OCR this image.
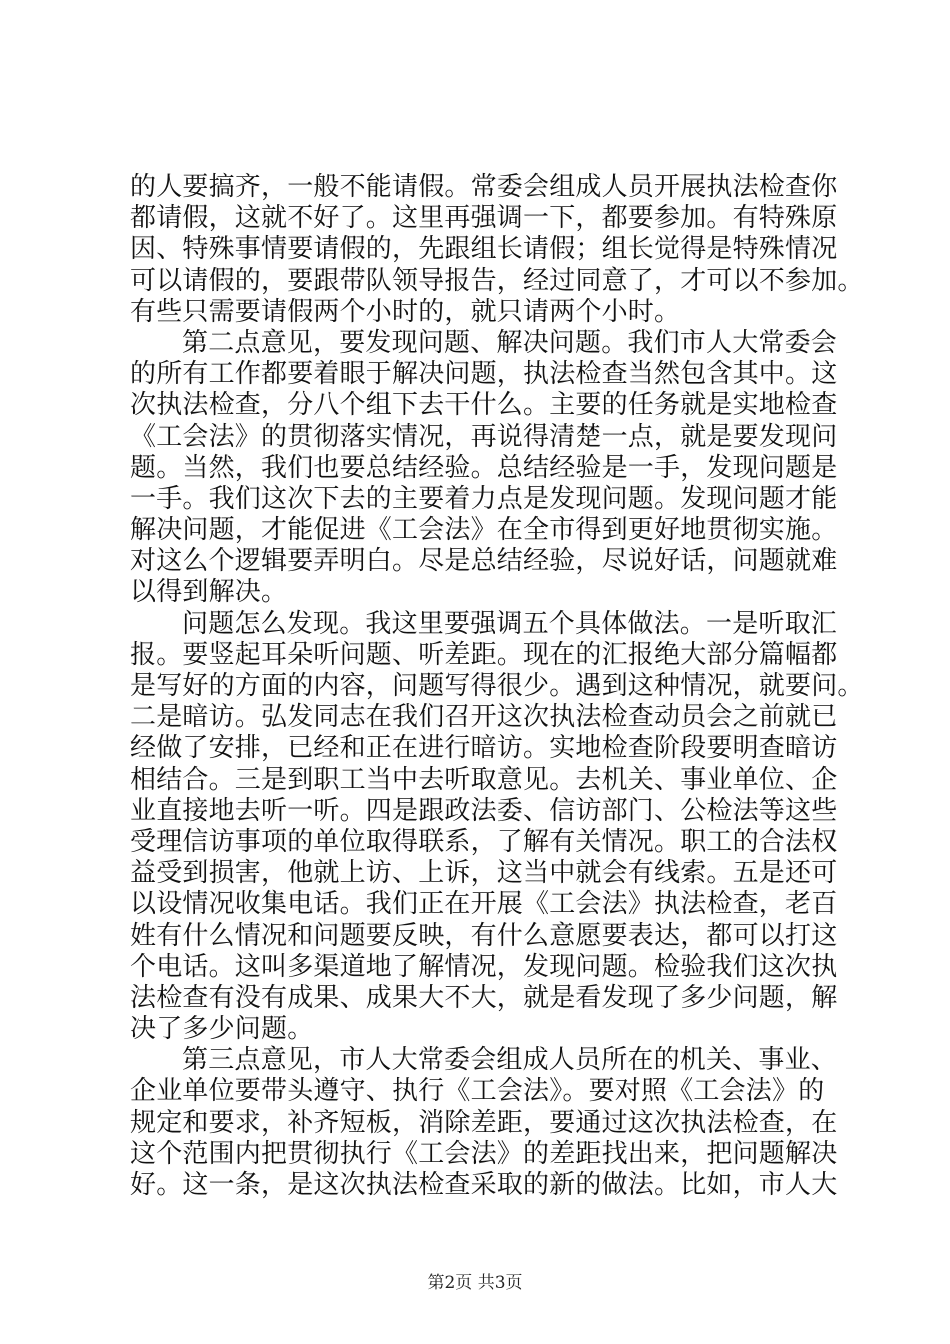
的人要搞齐，一般不能请假。常委会组成人员开展执法检查你
都请假，这就不好了。这里再强调一下，都要参加。有特殊原
因、特殊事情要请假的，先跟组长请假；组长觉得是特殊情况
可以请假的，要跟带队领导报告，经过同意了，才可以不参加。
有些只需要请假两个小时的，就只请两个小时。
第二点意见，要发现问题、解决问题。我们市人大常委会
的所有工作都要着眼于解决问题，执法检查当然包含其中。这
次执法检查，分八个组下去干什么。主要的任务就是实地检查
《工会法》的贯彻落实情况，再说得清楚一点，就是要发现问
题。当然，我们也要总结经验。总结经验是一手，发现问题是
一手。我们这次下去的主要着力点是发现问题。发现问题才能
解决问题，才能促进《工会法》在全市得到更好地贯彻实施。
对这么个逻辑要弄明白。尽是总结经验，尽说好话，问题就难
以得到解决。
问题怎么发现。我这里要强调五个具体做法。一是听取汇
报。要竖起耳朵听问题、听差距。现在的汇报绝大部分篇幅都
是写好的方面的内容，问题写得很少。遇到这种情况，就要问。
二是暗访。弘发同志在我们召开这次执法检查动员会之前就已
经做了安排，已经和正在进行暗访。实地检查阶段要明查暗访
相结合。三是到职工当中去听取意见。去机关、事业单位、企
业直接地去听一听。四是跟政法委、信访部门、公检法等这些
受理信访事项的单位取得联系，了解有关情况。职工的合法权
益受到损害，他就上访、上诉，这当中就会有线索。五是还可
以设情况收集电话。我们正在开展《工会法》执法检查，老百
姓有什么情况和问题要反映，有什么意愿要表达，都可以打这
个电话。这叫多渠道地了解情况，发现问题。检验我们这次执
法检查有没有成果、成果大不大，就是看发现了多少问题，解
决了多少问题。
第三点意见，市人大常委会组成人员所在的机关、事业、
企业单位要带头遵守、执行《工会法》。要对照《工会法》的
规定和要求，补齐短板，消除差距，要通过这次执法检查，在
这个范围内把贯彻执行《工会法》的差距找出来，把问题解决
好。这一条，是这次执法检查采取的新的做法。比如，市人大
第2页 共3页
